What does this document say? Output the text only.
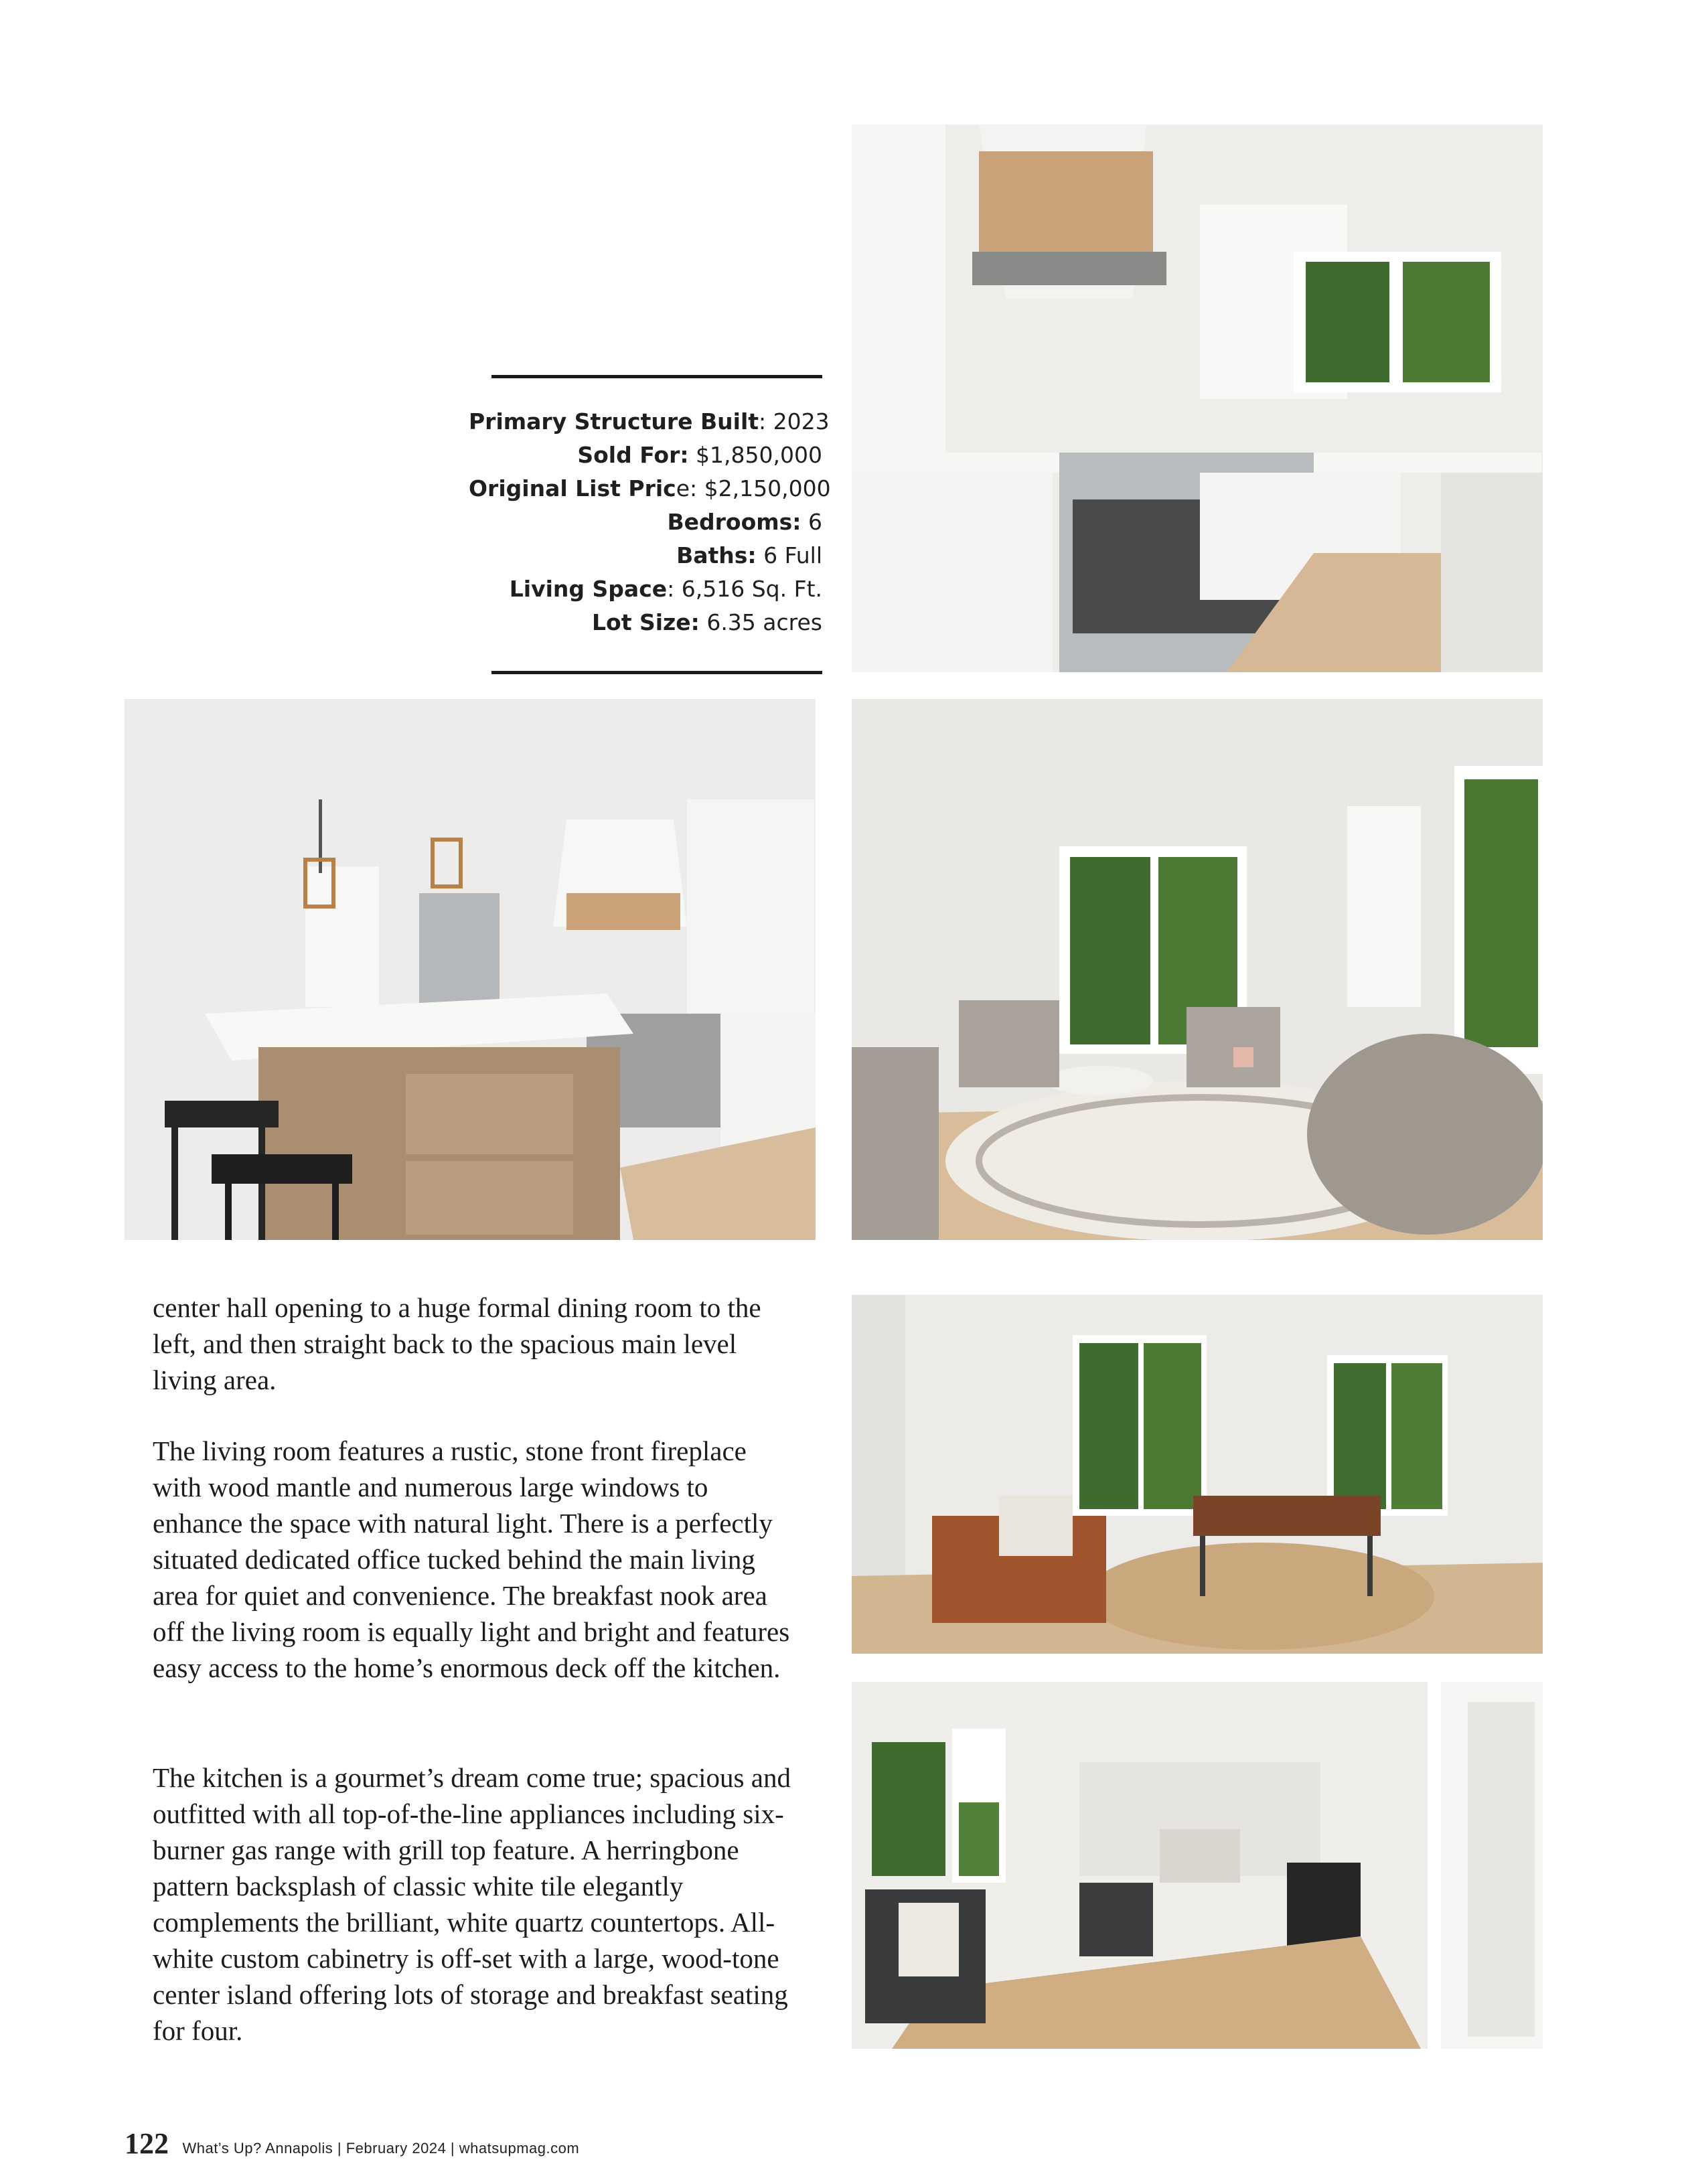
Primary Structure Built: 2023
Sold For: $1,850,000
Original List Price: $2,150,000
Bedrooms: 6
Baths: 6 Full
Living Space: 6,516 Sq. Ft.
Lot Size: 6.35 acres

center hall opening to a huge formal dining room to the left, and then straight back to the spacious main level living area.

The living room features a rustic, stone front fireplace with wood mantle and numerous large windows to enhance the space with natural light. There is a perfectly situated dedicated office tucked behind the main living area for quiet and convenience. The breakfast nook area off the living room is equally light and bright and features easy access to the home’s enormous deck off the kitchen.

The kitchen is a gourmet’s dream come true; spacious and outfitted with all top-of-the-line appliances including six-burner gas range with grill top feature. A herringbone pattern backsplash of classic white tile elegantly complements the brilliant, white quartz countertops. All-white custom cabinetry is off-set with a large, wood-tone center island offering lots of storage and breakfast seating for four.

122 What’s Up? Annapolis | February 2024 | whatsupmag.com
